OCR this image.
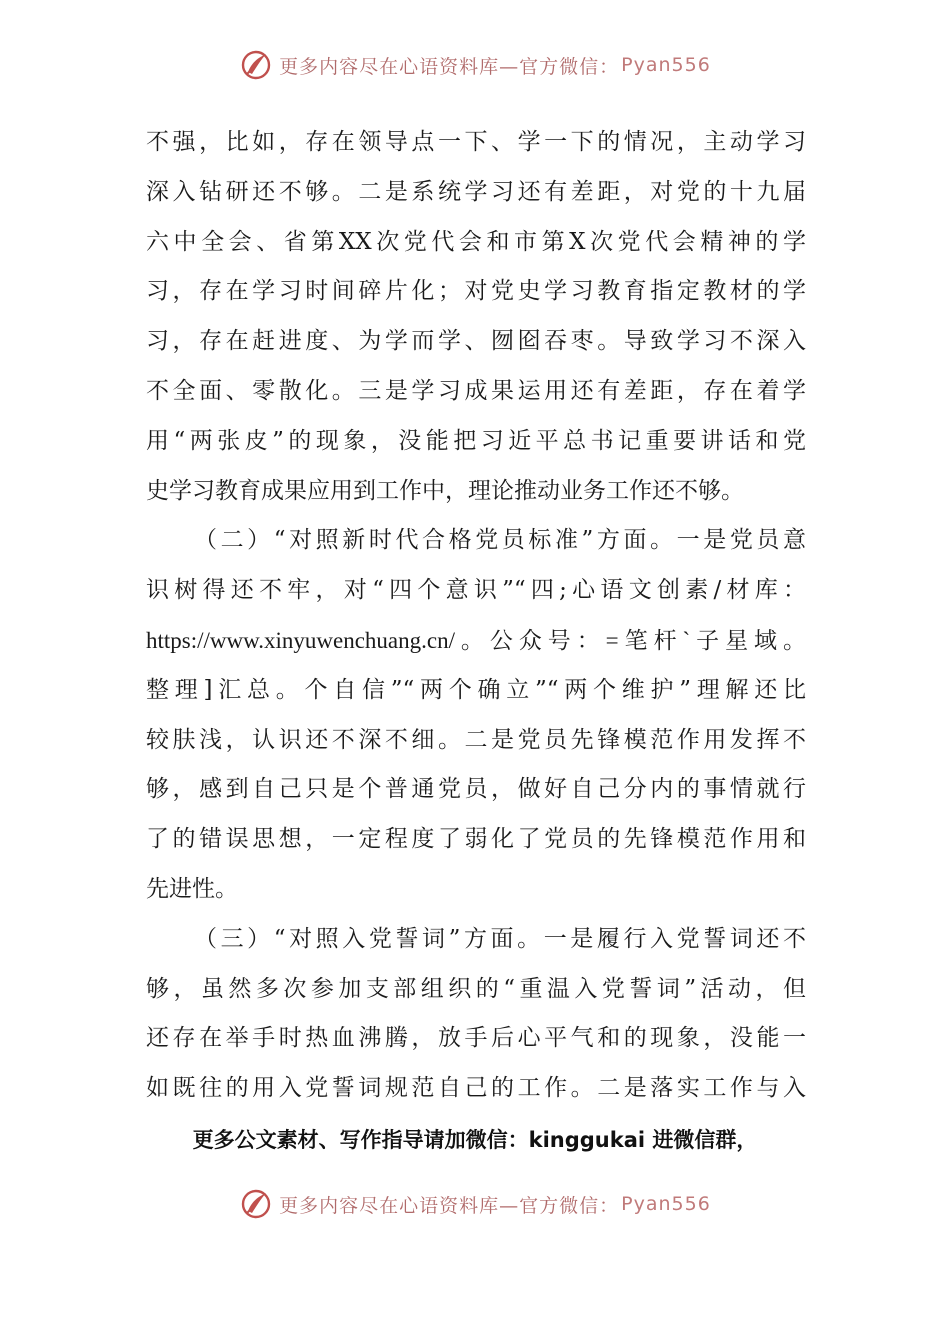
更多内容尽在心语资料库—官方微信： Pyan556
不强，比如，存在领导点一下、学一下的情况，主动学习
深入钻研还不够。二是系统学习还有差距，对党的十九届
六中全会、省第XX次党代会和市第X次党代会精神的学
习，存在学习时间碎片化；对党史学习教育指定教材的学
习，存在赶进度、为学而学、囫囵吞枣。导致学习不深入
不全面、零散化。三是学习成果运用还有差距，存在着学
用“两张皮”的现象，没能把习近平总书记重要讲话和党
史学习教育成果应用到工作中，理论推动业务工作还不够。
（二）“对照新时代合格党员标准”方面。一是党员意
识树得还不牢，对“四个意识”“四;心语文创素/材库：
https://www.xinyuwenchuang.cn/。公众号：=笔杆`子星域。
整理]汇总。个自信”“两个确立”“两个维护”理解还比
较肤浅，认识还不深不细。二是党员先锋模范作用发挥不
够，感到自己只是个普通党员，做好自己分内的事情就行
了的错误思想，一定程度了弱化了党员的先锋模范作用和
先进性。
（三）“对照入党誓词”方面。一是履行入党誓词还不
够，虽然多次参加支部组织的“重温入党誓词”活动，但
还存在举手时热血沸腾，放手后心平气和的现象，没能一
如既往的用入党誓词规范自己的工作。二是落实工作与入
更多公文素材、写作指导请加微信：kinggukai 进微信群，
更多内容尽在心语资料库—官方微信： Pyan556
